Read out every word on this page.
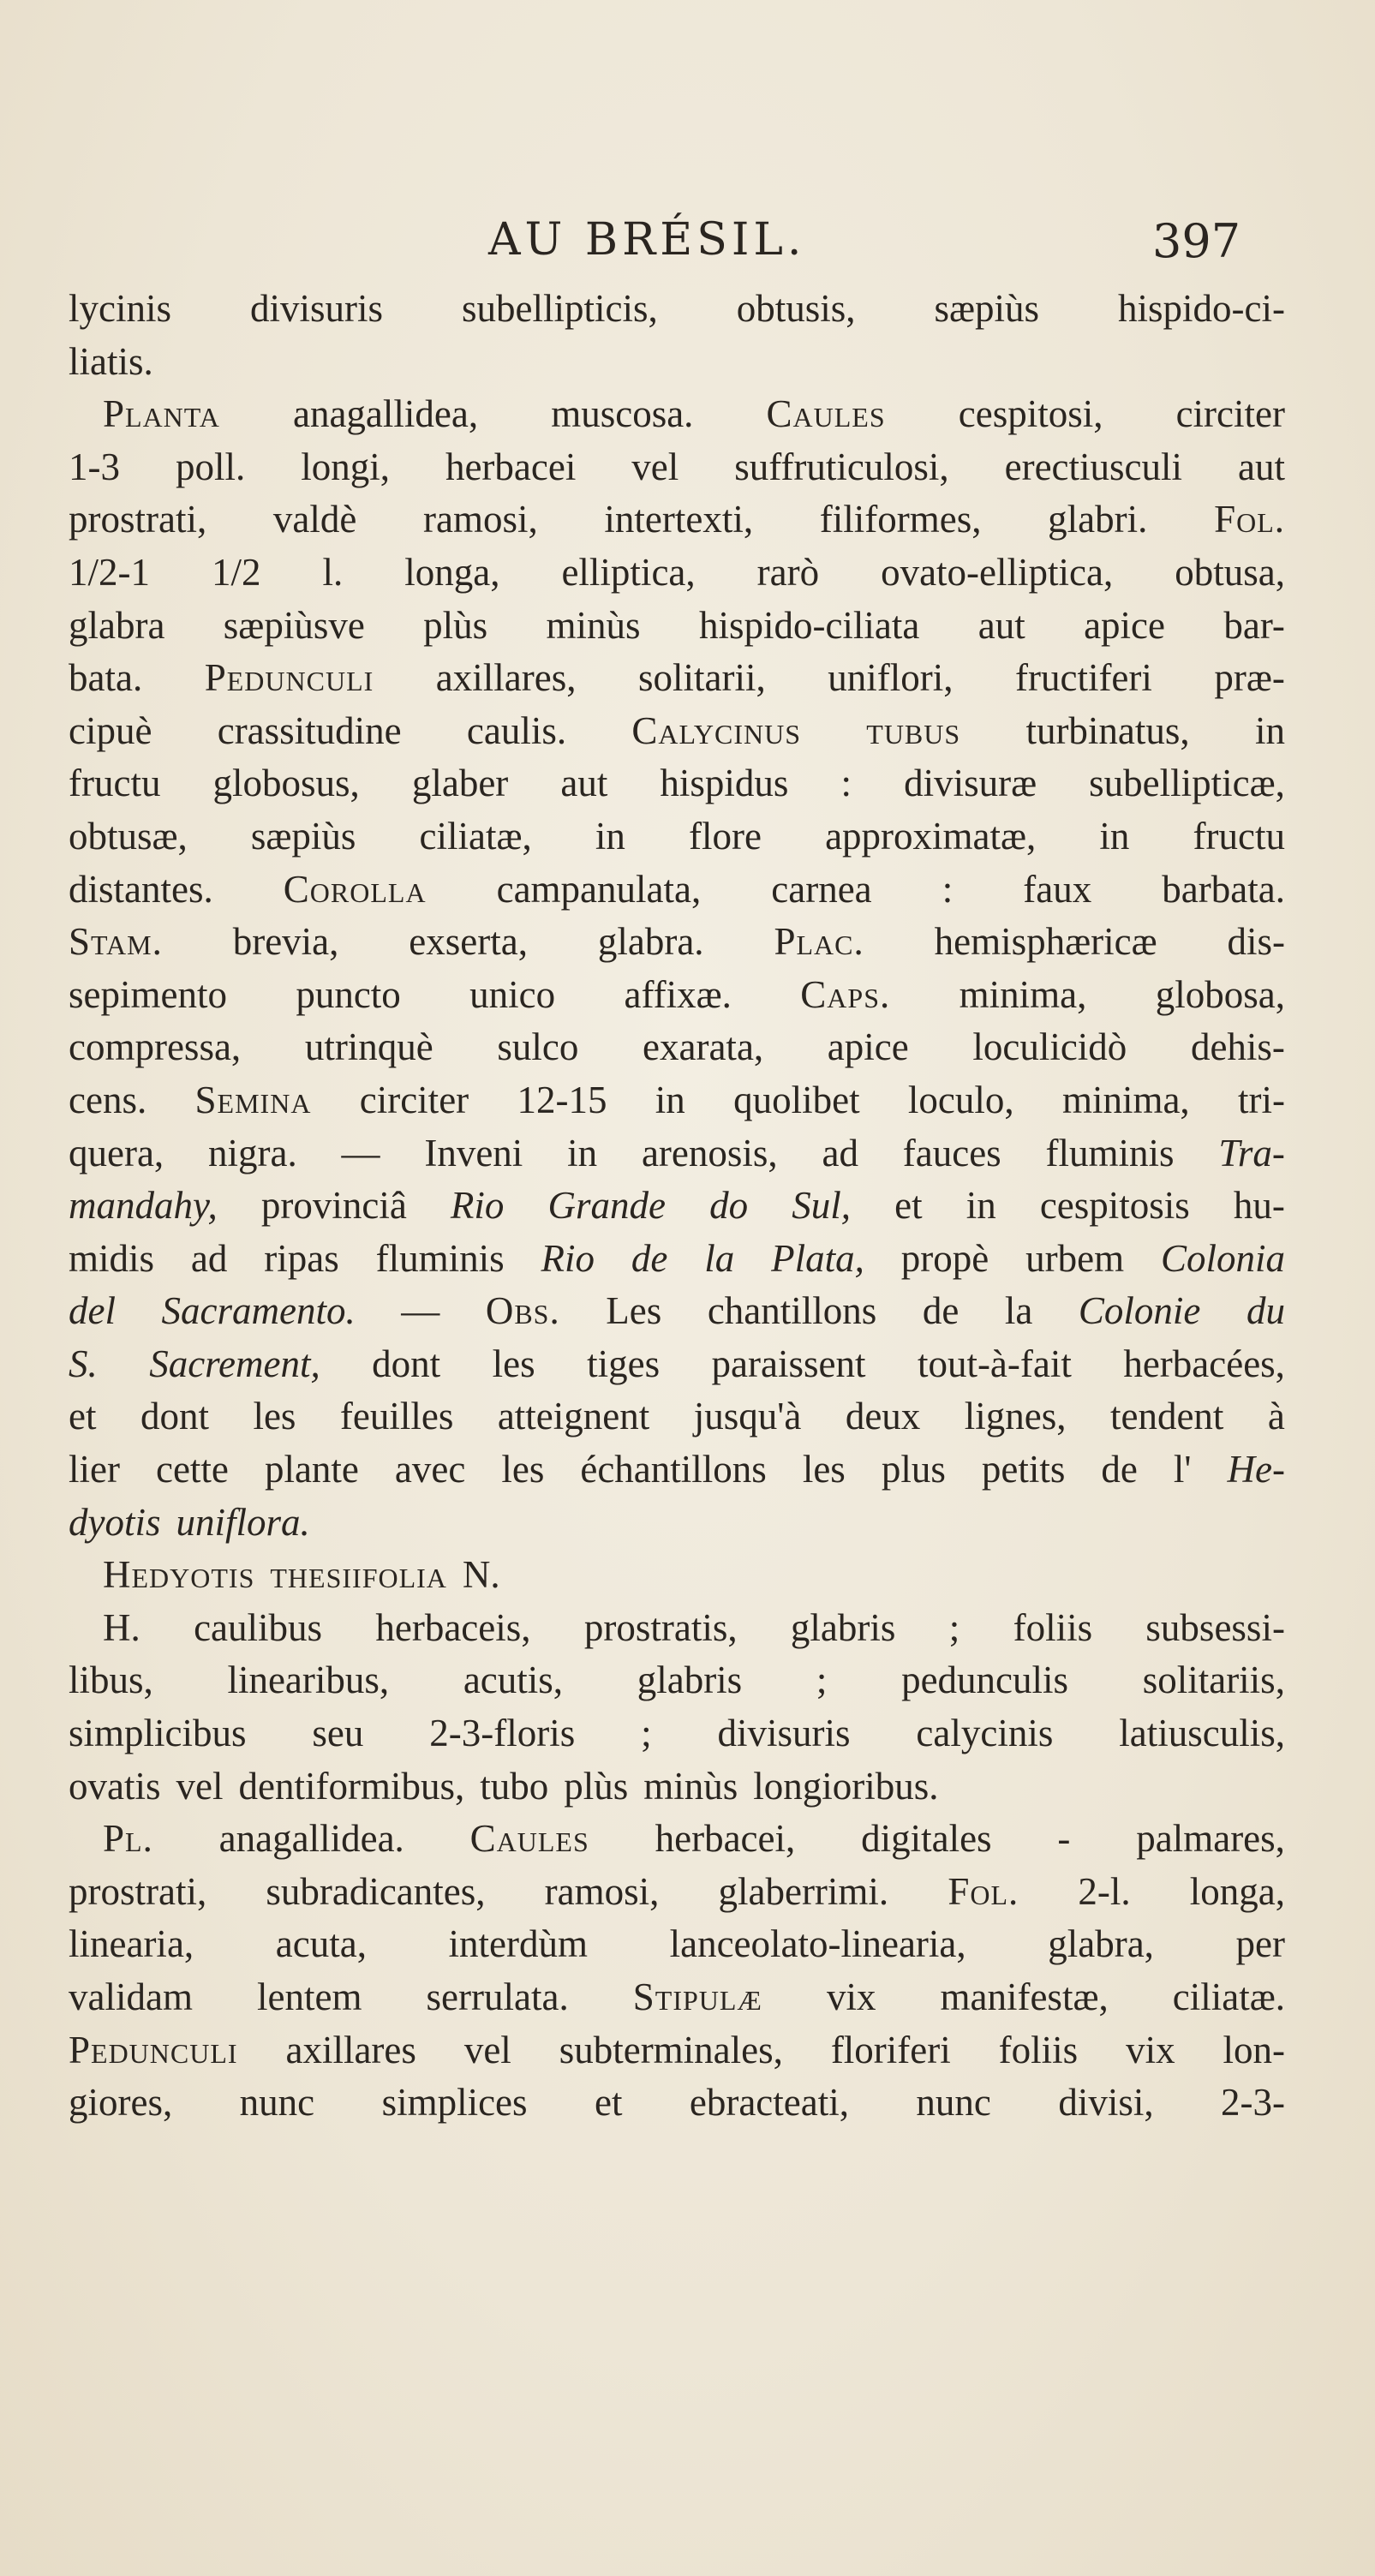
AU BRÉSIL.	397
lycinis divisuris subellipticis, obtusis, sæpiùs hispido-ci-
liatis.
Planta anagallidea, muscosa. Caules cespitosi, circiter
1-3 poll. longi, herbacei vel suffruticulosi, erectiusculi aut
prostrati, valdè ramosi, intertexti, filiformes, glabri. Fol.
1/2-1 1/2 l. longa, elliptica, rarò ovato-elliptica, obtusa,
glabra sæpiùsve plùs minùs hispido-ciliata aut apice bar-
bata. Pedunculi axillares, solitarii, uniflori, fructiferi præ-
cipuè crassitudine caulis. Calycinus tubus turbinatus, in
fructu globosus, glaber aut hispidus : divisuræ subellipticæ,
obtusæ, sæpiùs ciliatæ, in flore approximatæ, in fructu
distantes. Corolla campanulata, carnea : faux barbata.
Stam. brevia, exserta, glabra. Plac. hemisphæricæ dis-
sepimento puncto unico affixæ. Caps. minima, globosa,
compressa, utrinquè sulco exarata, apice loculicidò dehis-
cens. Semina circiter 12-15 in quolibet loculo, minima, tri-
quera, nigra. — Inveni in arenosis, ad fauces fluminis Tra-
mandahy, provinciâ Rio Grande do Sul, et in cespitosis hu-
midis ad ripas fluminis Rio de la Plata, propè urbem Colonia
del Sacramento. — Obs. Les chantillons de la Colonie du
S. Sacrement, dont les tiges paraissent tout-à-fait herbacées,
et dont les feuilles atteignent jusqu'à deux lignes, tendent à
lier cette plante avec les échantillons les plus petits de l' He-
dyotis uniflora.
Hedyotis thesiifolia N.
H. caulibus herbaceis, prostratis, glabris ; foliis subsessi-
libus, linearibus, acutis, glabris ; pedunculis solitariis,
simplicibus seu 2-3-floris ; divisuris calycinis latiusculis,
ovatis vel dentiformibus, tubo plùs minùs longioribus.
Pl. anagallidea. Caules herbacei, digitales - palmares,
prostrati, subradicantes, ramosi, glaberrimi. Fol. 2-l. longa,
linearia, acuta, interdùm lanceolato-linearia, glabra, per
validam lentem serrulata. Stipulæ vix manifestæ, ciliatæ.
Pedunculi axillares vel subterminales, floriferi foliis vix lon-
giores, nunc simplices et ebracteati, nunc divisi, 2-3-
